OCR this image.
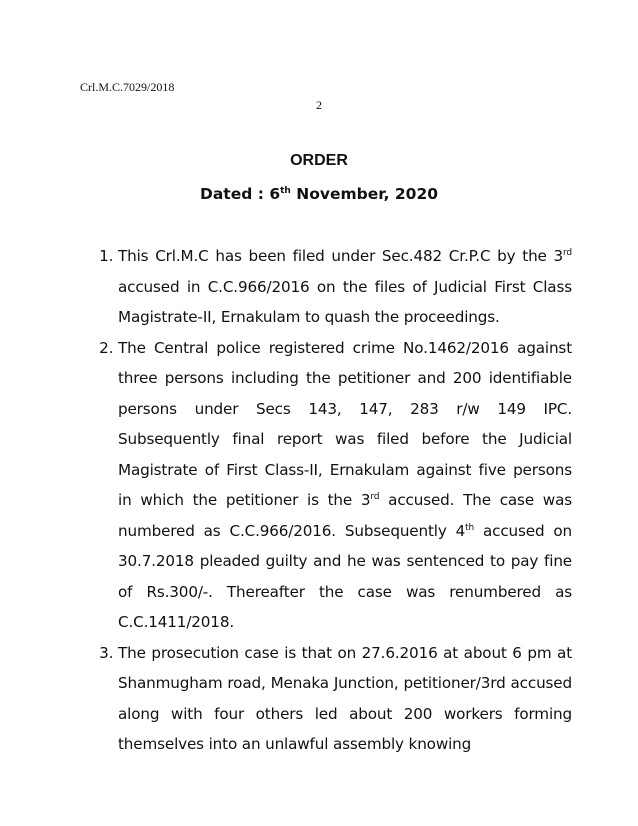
Crl.M.C.7029/2018
2
ORDER
Dated : 6th November, 2020
1. This Crl.M.C has been filed under Sec.482 Cr.P.C by the 3rd accused in C.C.966/2016 on the files of Judicial First Class Magistrate-II, Ernakulam to quash the proceedings.
2. The Central police registered crime No.1462/2016 against three persons including the petitioner and 200 identifiable persons under Secs 143, 147, 283 r/w 149 IPC. Subsequently final report was filed before the Judicial Magistrate of First Class-II, Ernakulam against five persons in which the petitioner is the 3rd accused. The case was numbered as C.C.966/2016. Subsequently 4th accused on 30.7.2018 pleaded guilty and he was sentenced to pay fine of Rs.300/-. Thereafter the case was renumbered as C.C.1411/2018.
3. The prosecution case is that on 27.6.2016 at about 6 pm at Shanmugham road, Menaka Junction, petitioner/3rd accused along with four others led about 200 workers forming themselves into an unlawful assembly knowing
